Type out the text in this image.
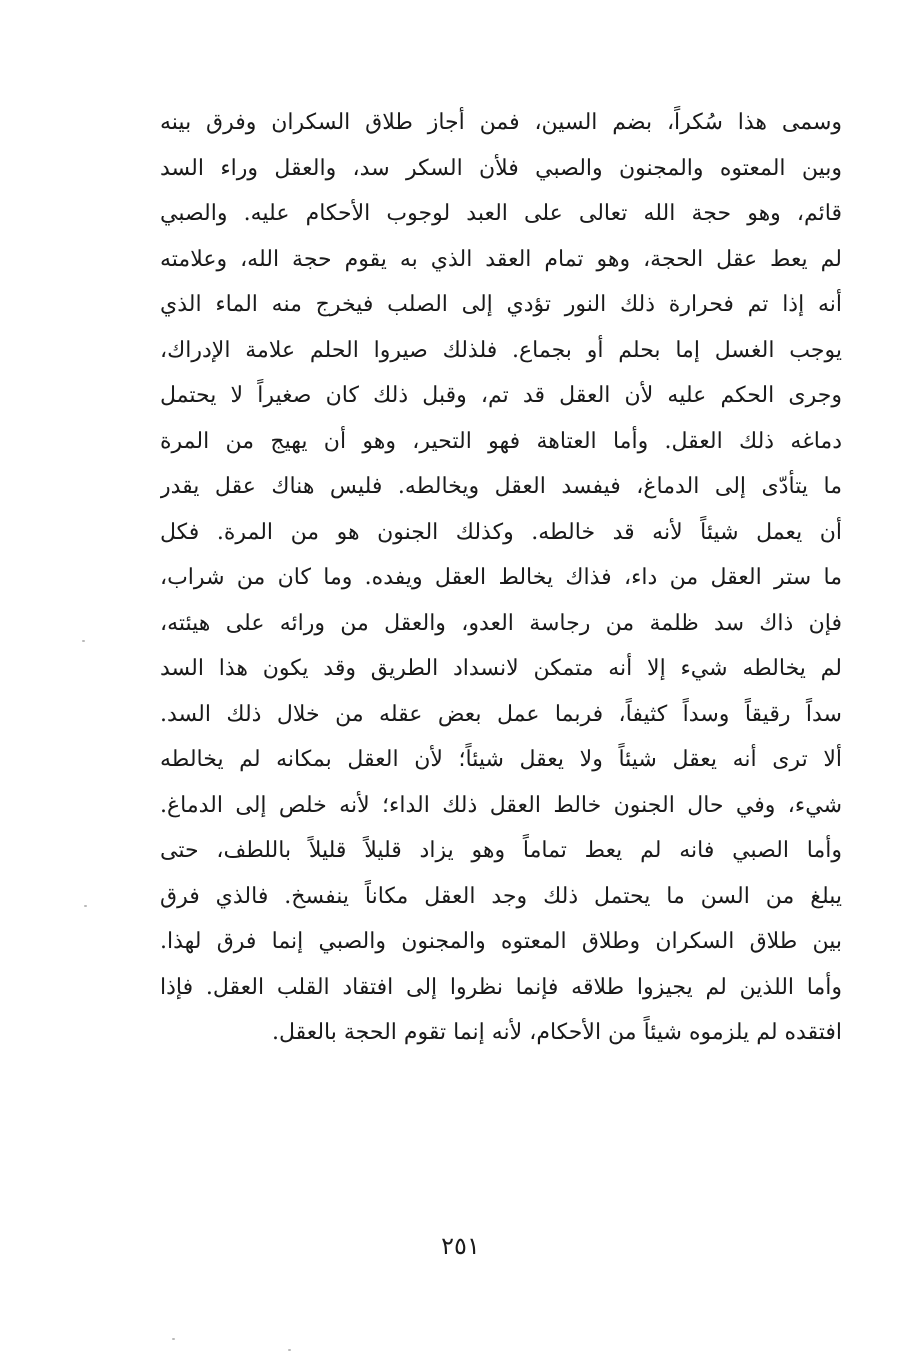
وسمى هذا سُكراً، بضم السين، فمن أجاز طلاق السكران وفرق بينه
وبين المعتوه والمجنون والصبي فلأن السكر سد، والعقل وراء السد
قائم، وهو حجة الله تعالى على العبد لوجوب الأحكام عليه. والصبي
لم يعط عقل الحجة، وهو تمام العقد الذي به يقوم حجة الله، وعلامته
أنه إذا تم فحرارة ذلك النور تؤدي إلى الصلب فيخرج منه الماء الذي
يوجب الغسل إما بحلم أو بجماع. فلذلك صيروا الحلم علامة الإدراك،
وجرى الحكم عليه لأن العقل قد تم، وقبل ذلك كان صغيراً لا يحتمل
دماغه ذلك العقل. وأما العتاهة فهو التحير، وهو أن يهيج من المرة
ما يتأدّى إلى الدماغ، فيفسد العقل ويخالطه. فليس هناك عقل يقدر
أن يعمل شيئاً لأنه قد خالطه. وكذلك الجنون هو من المرة. فكل
ما ستر العقل من داء، فذاك يخالط العقل ويفده. وما كان من شراب،
فإن ذاك سد ظلمة من رجاسة العدو، والعقل من ورائه على هيئته،
لم يخالطه شيء إلا أنه متمكن لانسداد الطريق وقد يكون هذا السد
سداً رقيقاً وسداً كثيفاً، فربما عمل بعض عقله من خلال ذلك السد.
ألا ترى أنه يعقل شيئاً ولا يعقل شيئاً؛ لأن العقل بمكانه لم يخالطه
شيء، وفي حال الجنون خالط العقل ذلك الداء؛ لأنه خلص إلى الدماغ.
وأما الصبي فانه لم يعط تماماً وهو يزاد قليلاً قليلاً باللطف، حتى
يبلغ من السن ما يحتمل ذلك وجد العقل مكاناً ينفسخ. فالذي فرق
بين طلاق السكران وطلاق المعتوه والمجنون والصبي إنما فرق لهذا.
وأما اللذين لم يجيزوا طلاقه فإنما نظروا إلى افتقاد القلب العقل. فإذا
افتقده لم يلزموه شيئاً من الأحكام، لأنه إنما تقوم الحجة بالعقل.
٢٥١
